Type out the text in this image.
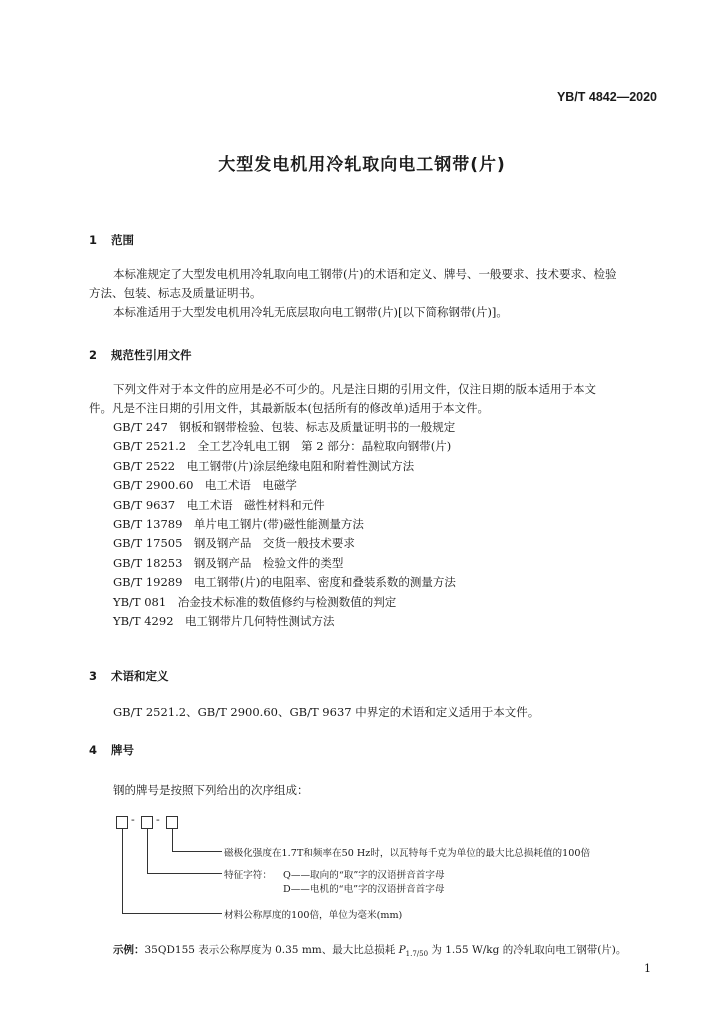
YB/T 4842—2020
大型发电机用冷轧取向电工钢带(片)
1 范围
本标准规定了大型发电机用冷轧取向电工钢带(片)的术语和定义、牌号、一般要求、技术要求、检验
方法、包装、标志及质量证明书。
本标准适用于大型发电机用冷轧无底层取向电工钢带(片)[以下简称钢带(片)]。
2 规范性引用文件
下列文件对于本文件的应用是必不可少的。凡是注日期的引用文件，仅注日期的版本适用于本文
件。凡是不注日期的引用文件，其最新版本(包括所有的修改单)适用于本文件。
GB/T 247　钢板和钢带检验、包装、标志及质量证明书的一般规定
GB/T 2521.2　全工艺冷轧电工钢　第 2 部分：晶粒取向钢带(片)
GB/T 2522　电工钢带(片)涂层绝缘电阻和附着性测试方法
GB/T 2900.60　电工术语　电磁学
GB/T 9637　电工术语　磁性材料和元件
GB/T 13789　单片电工钢片(带)磁性能测量方法
GB/T 17505　钢及钢产品　交货一般技术要求
GB/T 18253　钢及钢产品　检验文件的类型
GB/T 19289　电工钢带(片)的电阻率、密度和叠装系数的测量方法
YB/T 081　冶金技术标准的数值修约与检测数值的判定
YB/T 4292　电工钢带片几何特性测试方法
3 术语和定义
GB/T 2521.2、GB/T 2900.60、GB/T 9637 中界定的术语和定义适用于本文件。
4 牌号
钢的牌号是按照下列给出的次序组成：
- -
磁极化强度在1.7T和频率在50 Hz时，以瓦特每千克为单位的最大比总损耗值的100倍
特征字符： Q——取向的“取”字的汉语拼音首字母
D——电机的“电”字的汉语拼音首字母
材料公称厚度的100倍，单位为毫米(mm)
示例：35QD155 表示公称厚度为 0.35 mm、最大比总损耗 $P_{1.7/50}$ 为 1.55 W/kg 的冷轧取向电工钢带(片)。
1
